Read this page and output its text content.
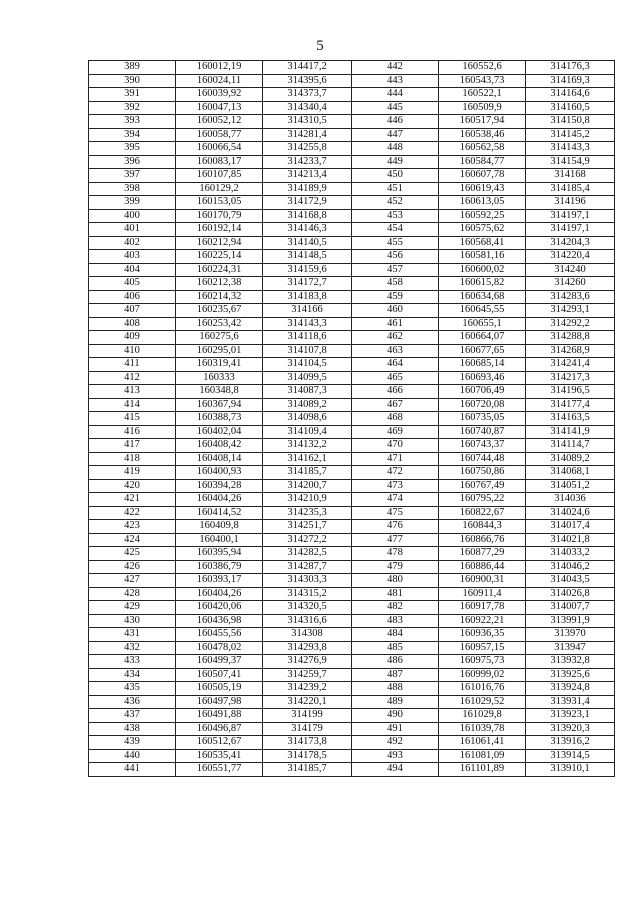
5
389	160012,19	314417,2	442	160552,6	314176,3
390	160024,11	314395,6	443	160543,73	314169,3
391	160039,92	314373,7	444	160522,1	314164,6
392	160047,13	314340,4	445	160509,9	314160,5
393	160052,12	314310,5	446	160517,94	314150,8
394	160058,77	314281,4	447	160538,46	314145,2
395	160066,54	314255,8	448	160562,58	314143,3
396	160083,17	314233,7	449	160584,77	314154,9
397	160107,85	314213,4	450	160607,78	314168
398	160129,2	314189,9	451	160619,43	314185,4
399	160153,05	314172,9	452	160613,05	314196
400	160170,79	314168,8	453	160592,25	314197,1
401	160192,14	314146,3	454	160575,62	314197,1
402	160212,94	314140,5	455	160568,41	314204,3
403	160225,14	314148,5	456	160581,16	314220,4
404	160224,31	314159,6	457	160600,02	314240
405	160212,38	314172,7	458	160615,82	314260
406	160214,32	314183,8	459	160634,68	314283,6
407	160235,67	314166	460	160645,55	314293,1
408	160253,42	314143,3	461	160655,1	314292,2
409	160275,6	314118,6	462	160664,07	314288,8
410	160295,01	314107,8	463	160677,65	314268,9
411	160319,41	314104,5	464	160685,14	314241,4
412	160333	314099,5	465	160693,46	314217,3
413	160348,8	314087,3	466	160706,49	314196,5
414	160367,94	314089,2	467	160720,08	314177,4
415	160388,73	314098,6	468	160735,05	314163,5
416	160402,04	314109,4	469	160740,87	314141,9
417	160408,42	314132,2	470	160743,37	314114,7
418	160408,14	314162,1	471	160744,48	314089,2
419	160400,93	314185,7	472	160750,86	314068,1
420	160394,28	314200,7	473	160767,49	314051,2
421	160404,26	314210,9	474	160795,22	314036
422	160414,52	314235,3	475	160822,67	314024,6
423	160409,8	314251,7	476	160844,3	314017,4
424	160400,1	314272,2	477	160866,76	314021,8
425	160395,94	314282,5	478	160877,29	314033,2
426	160386,79	314287,7	479	160886,44	314046,2
427	160393,17	314303,3	480	160900,31	314043,5
428	160404,26	314315,2	481	160911,4	314026,8
429	160420,06	314320,5	482	160917,78	314007,7
430	160436,98	314316,6	483	160922,21	313991,9
431	160455,56	314308	484	160936,35	313970
432	160478,02	314293,8	485	160957,15	313947
433	160499,37	314276,9	486	160975,73	313932,8
434	160507,41	314259,7	487	160999,02	313925,6
435	160505,19	314239,2	488	161016,76	313924,8
436	160497,98	314220,1	489	161029,52	313931,4
437	160491,88	314199	490	161029,8	313923,1
438	160496,87	314179	491	161039,78	313920,3
439	160512,67	314173,8	492	161061,41	313916,2
440	160535,41	314178,5	493	161081,09	313914,5
441	160551,77	314185,7	494	161101,89	313910,1
